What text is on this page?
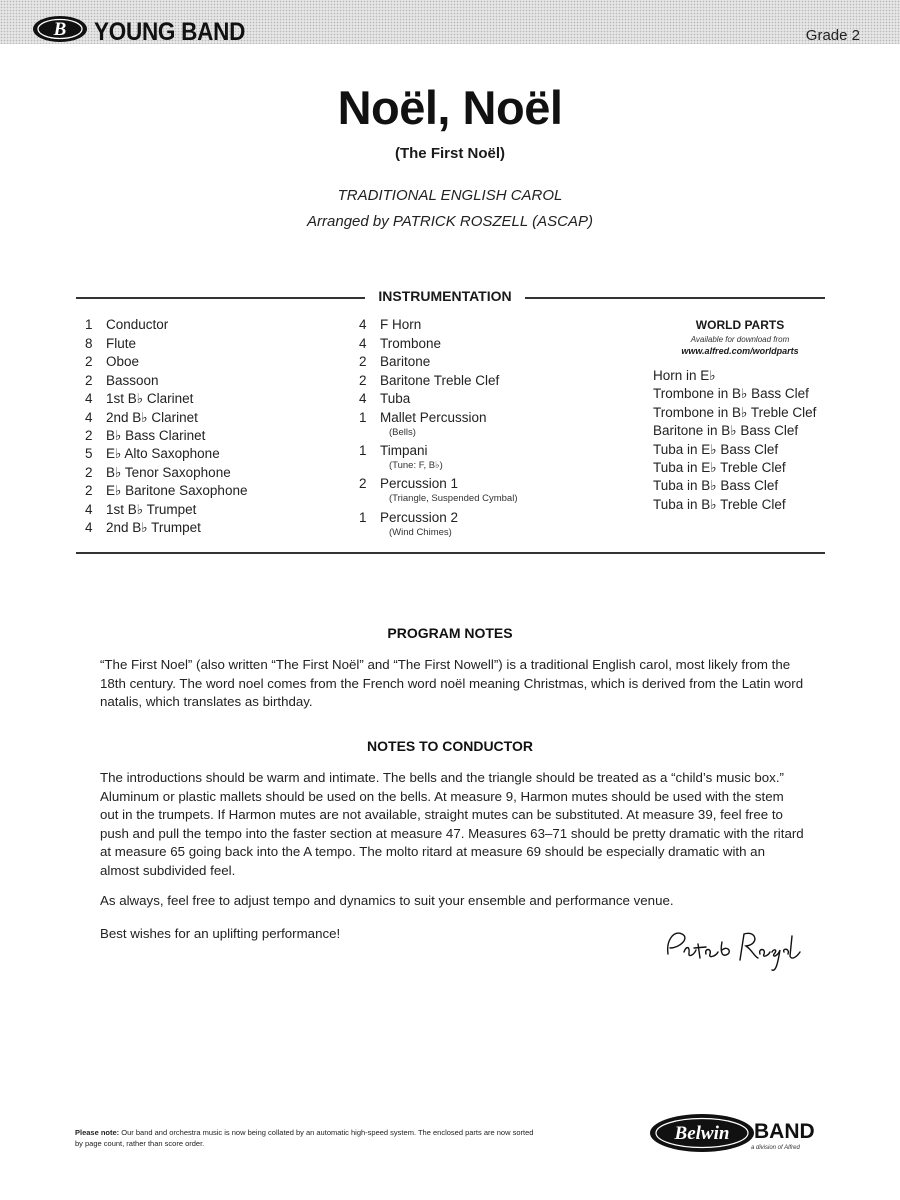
B YOUNG BAND	Grade 2
Noël, Noël
(The First Noël)
TRADITIONAL ENGLISH CAROL
Arranged by PATRICK ROSZELL (ASCAP)
INSTRUMENTATION
1 Conductor
8 Flute
2 Oboe
2 Bassoon
4 1st B♭ Clarinet
4 2nd B♭ Clarinet
2 B♭ Bass Clarinet
5 E♭ Alto Saxophone
2 B♭ Tenor Saxophone
2 E♭ Baritone Saxophone
4 1st B♭ Trumpet
4 2nd B♭ Trumpet
4 F Horn
4 Trombone
2 Baritone
2 Baritone Treble Clef
4 Tuba
1 Mallet Percussion
(Bells)
1 Timpani
(Tune: F, B♭)
2 Percussion 1
(Triangle, Suspended Cymbal)
1 Percussion 2
(Wind Chimes)
WORLD PARTS
Available for download from
www.alfred.com/worldparts
Horn in E♭
Trombone in B♭ Bass Clef
Trombone in B♭ Treble Clef
Baritone in B♭ Bass Clef
Tuba in E♭ Bass Clef
Tuba in E♭ Treble Clef
Tuba in B♭ Bass Clef
Tuba in B♭ Treble Clef
PROGRAM NOTES

“The First Noel” (also written “The First Noël” and “The First Nowell”) is a traditional English carol, most likely from the 18th century. The word noel comes from the French word noël meaning Christmas, which is derived from the Latin word natalis, which translates as birthday.

NOTES TO CONDUCTOR

The introductions should be warm and intimate. The bells and the triangle should be treated as a “child’s music box.” Aluminum or plastic mallets should be used on the bells. At measure 9, Harmon mutes should be used with the stem out in the trumpets. If Harmon mutes are not available, straight mutes can be substituted. At measure 39, feel free to push and pull the tempo into the faster section at measure 47. Measures 63–71 should be pretty dramatic with the ritard at measure 65 going back into the A tempo. The molto ritard at measure 69 should be especially dramatic with an almost subdivided feel.

As always, feel free to adjust tempo and dynamics to suit your ensemble and performance venue.

Best wishes for an uplifting performance!

Please note: Our band and orchestra music is now being collated by an automatic high-speed system. The enclosed parts are now sorted by page count, rather than score order.	Belwin BAND
a division of Alfred
